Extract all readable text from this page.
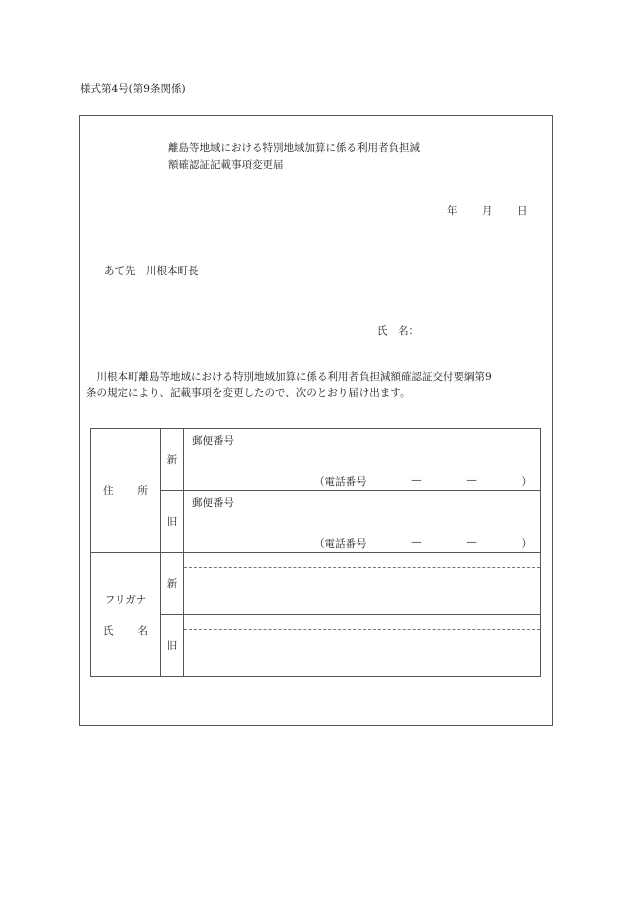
様式第4号(第9条関係)
離島等地域における特別地域加算に係る利用者負担減
額確認証記載事項変更届
年 月 日
あて先　川根本町長
氏　名：
　川根本町離島等地域における特別地域加算に係る利用者負担減額確認証交付要綱第9
条の規定により、記載事項を変更したので、次のとおり届け出ます。
住 所	新	郵便番号
（電話番号 — — ）

	旧	郵便番号
（電話番号 — — ）

フリガナ
氏 名	新	

	旧	
